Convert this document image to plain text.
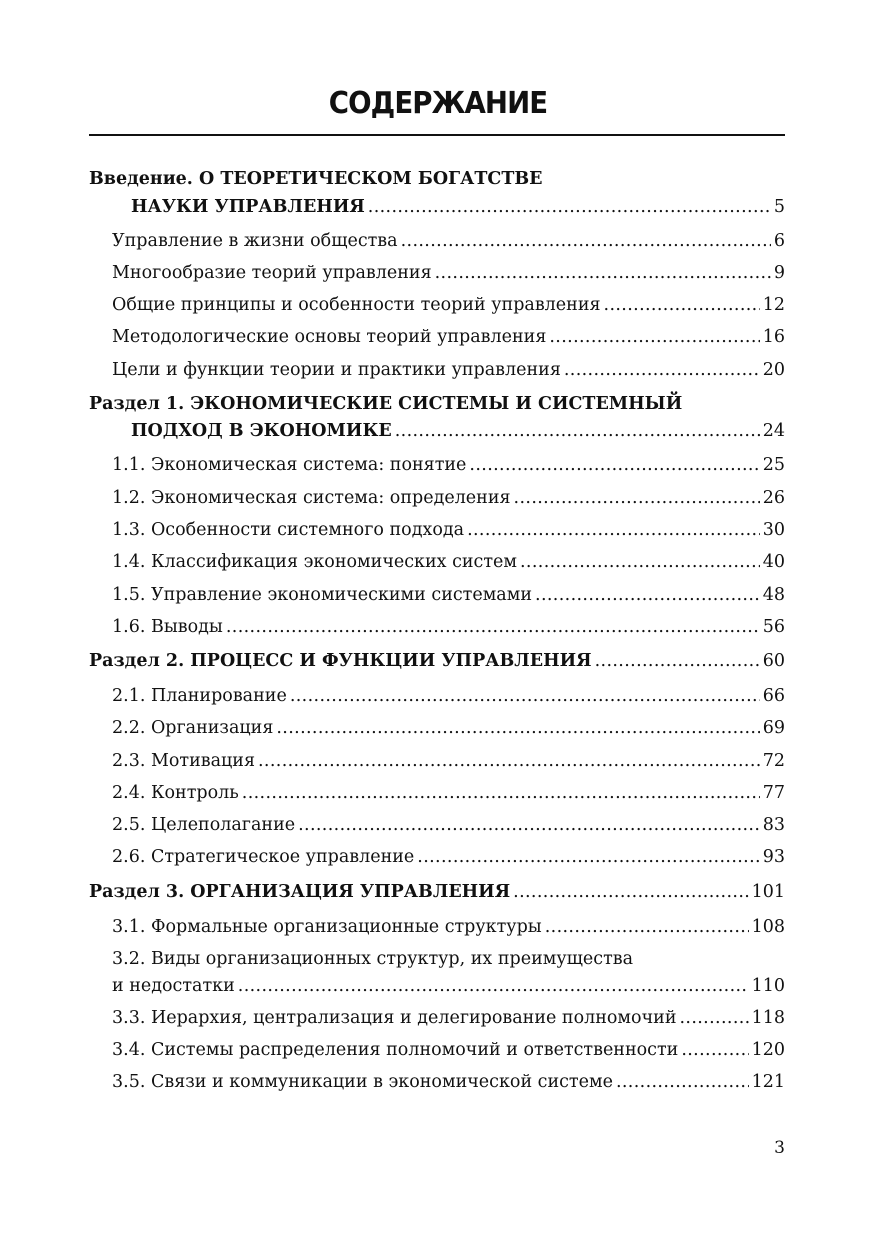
СОДЕРЖАНИЕ
Введение. О ТЕОРЕТИЧЕСКОМ БОГАТСТВЕ
НАУКИ УПРАВЛЕНИЯ . . .	5
Управление в жизни общества . . .	6
Многообразие теорий управления . . .	9
Общие принципы и особенности теорий управления . . .	12
Методологические основы теорий управления . . .	16
Цели и функции теории и практики управления . . .	20
Раздел 1. ЭКОНОМИЧЕСКИЕ СИСТЕМЫ И СИСТЕМНЫЙ
ПОДХОД В ЭКОНОМИКЕ . . .	24
1.1. Экономическая система: понятие . . .	25
1.2. Экономическая система: определения . . .	26
1.3. Особенности системного подхода . . .	30
1.4. Классификация экономических систем . . .	40
1.5. Управление экономическими системами . . .	48
1.6. Выводы . . .	56
Раздел 2. ПРОЦЕСС И ФУНКЦИИ УПРАВЛЕНИЯ . . .	60
2.1. Планирование . . .	66
2.2. Организация . . .	69
2.3. Мотивация . . .	72
2.4. Контроль . . .	77
2.5. Целеполагание . . .	83
2.6. Стратегическое управление . . .	93
Раздел 3. ОРГАНИЗАЦИЯ УПРАВЛЕНИЯ . . .	101
3.1. Формальные организационные структуры . . .	108
3.2. Виды организационных структур, их преимущества
и недостатки . . .	110
3.3. Иерархия, централизация и делегирование полномочий . . .	118
3.4. Системы распределения полномочий и ответственности . . .	120
3.5. Связи и коммуникации в экономической системе . . .	121
3
